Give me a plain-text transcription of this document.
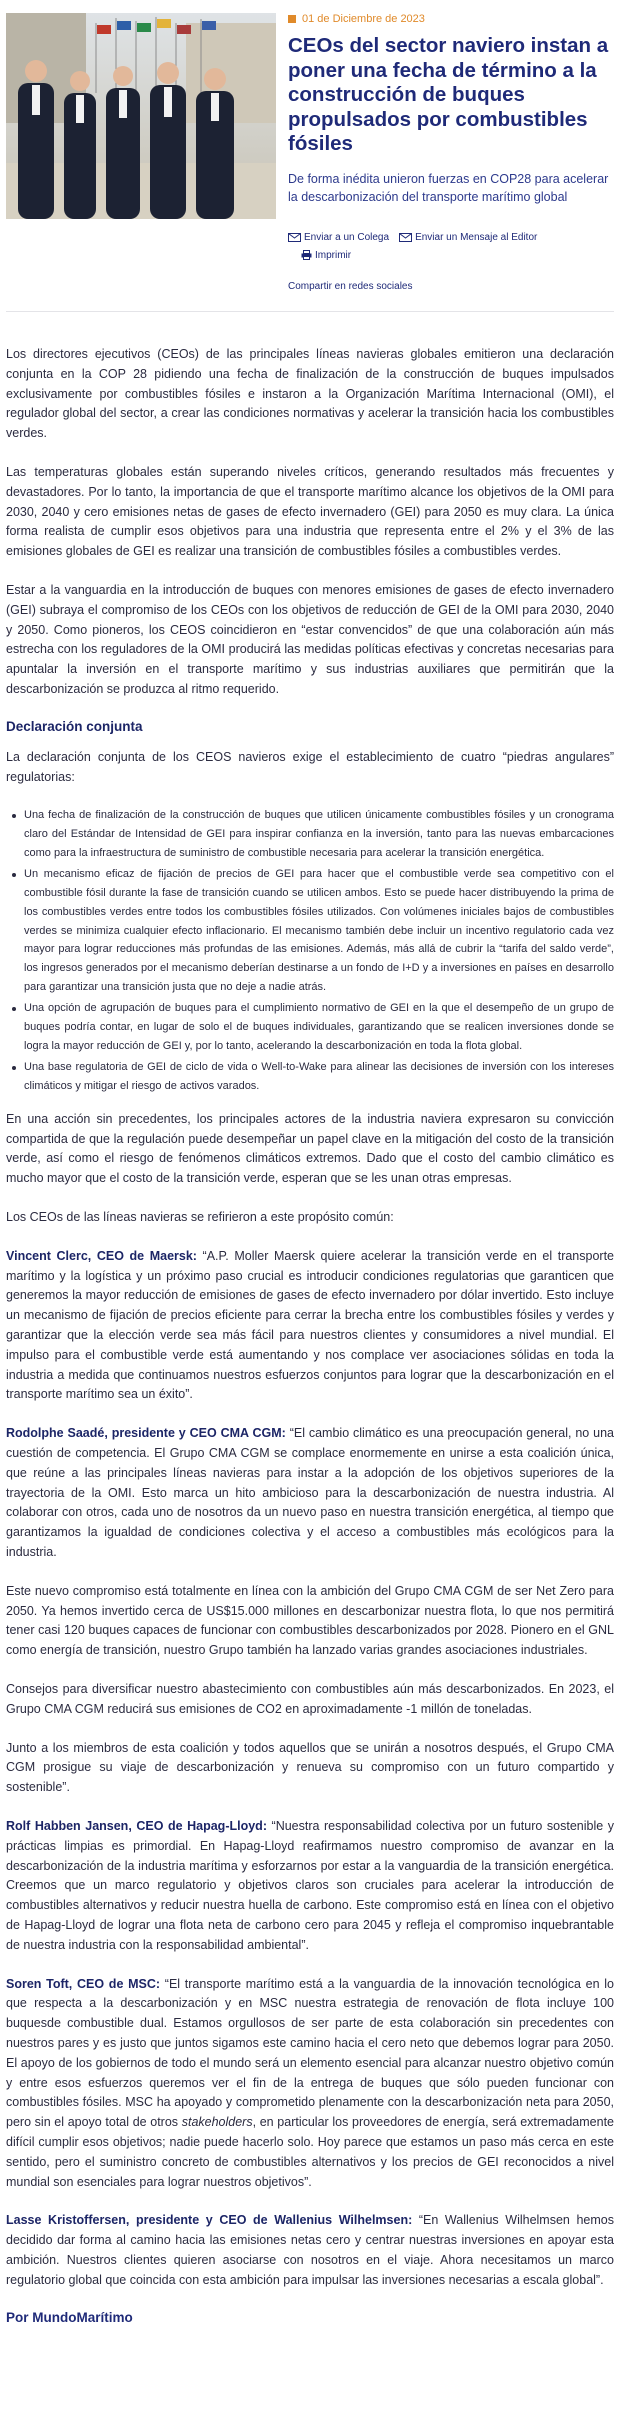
01 de Diciembre de 2023
CEOs del sector naviero instan a poner una fecha de término a la construcción de buques propulsados por combustibles fósiles
De forma inédita unieron fuerzas en COP28 para acelerar la descarbonización del transporte marítimo global
Enviar a un Colega	Enviar un Mensaje al Editor
Imprimir
Compartir en redes sociales

Los directores ejecutivos (CEOs) de las principales líneas navieras globales emitieron una declaración conjunta en la COP 28 pidiendo una fecha de finalización de la construcción de buques impulsados exclusivamente por combustibles fósiles e instaron a la Organización Marítima Internacional (OMI), el regulador global del sector, a crear las condiciones normativas y acelerar la transición hacia los combustibles verdes.

Las temperaturas globales están superando niveles críticos, generando resultados más frecuentes y devastadores. Por lo tanto, la importancia de que el transporte marítimo alcance los objetivos de la OMI para 2030, 2040 y cero emisiones netas de gases de efecto invernadero (GEI) para 2050 es muy clara. La única forma realista de cumplir esos objetivos para una industria que representa entre el 2% y el 3% de las emisiones globales de GEI es realizar una transición de combustibles fósiles a combustibles verdes.

Estar a la vanguardia en la introducción de buques con menores emisiones de gases de efecto invernadero (GEI) subraya el compromiso de los CEOs con los objetivos de reducción de GEI de la OMI para 2030, 2040 y 2050. Como pioneros, los CEOS coincidieron en “estar convencidos” de que una colaboración aún más estrecha con los reguladores de la OMI producirá las medidas políticas efectivas y concretas necesarias para apuntalar la inversión en el transporte marítimo y sus industrias auxiliares que permitirán que la descarbonización se produzca al ritmo requerido.

Declaración conjunta

La declaración conjunta de los CEOS navieros exige el establecimiento de cuatro “piedras angulares” regulatorias:

Una fecha de finalización de la construcción de buques que utilicen únicamente combustibles fósiles y un cronograma claro del Estándar de Intensidad de GEI para inspirar confianza en la inversión, tanto para las nuevas embarcaciones como para la infraestructura de suministro de combustible necesaria para acelerar la transición energética.
Un mecanismo eficaz de fijación de precios de GEI para hacer que el combustible verde sea competitivo con el combustible fósil durante la fase de transición cuando se utilicen ambos. Esto se puede hacer distribuyendo la prima de los combustibles verdes entre todos los combustibles fósiles utilizados. Con volúmenes iniciales bajos de combustibles verdes se minimiza cualquier efecto inflacionario. El mecanismo también debe incluir un incentivo regulatorio cada vez mayor para lograr reducciones más profundas de las emisiones. Además, más allá de cubrir la “tarifa del saldo verde”, los ingresos generados por el mecanismo deberían destinarse a un fondo de I+D y a inversiones en países en desarrollo para garantizar una transición justa que no deje a nadie atrás.
Una opción de agrupación de buques para el cumplimiento normativo de GEI en la que el desempeño de un grupo de buques podría contar, en lugar de solo el de buques individuales, garantizando que se realicen inversiones donde se logra la mayor reducción de GEI y, por lo tanto, acelerando la descarbonización en toda la flota global.
Una base regulatoria de GEI de ciclo de vida o Well-to-Wake para alinear las decisiones de inversión con los intereses climáticos y mitigar el riesgo de activos varados.

En una acción sin precedentes, los principales actores de la industria naviera expresaron su convicción compartida de que la regulación puede desempeñar un papel clave en la mitigación del costo de la transición verde, así como el riesgo de fenómenos climáticos extremos. Dado que el costo del cambio climático es mucho mayor que el costo de la transición verde, esperan que se les unan otras empresas.

Los CEOs de las líneas navieras se refirieron a este propósito común:

Vincent Clerc, CEO de Maersk: “A.P. Moller Maersk quiere acelerar la transición verde en el transporte marítimo y la logística y un próximo paso crucial es introducir condiciones regulatorias que garanticen que generemos la mayor reducción de emisiones de gases de efecto invernadero por dólar invertido. Esto incluye un mecanismo de fijación de precios eficiente para cerrar la brecha entre los combustibles fósiles y verdes y garantizar que la elección verde sea más fácil para nuestros clientes y consumidores a nivel mundial. El impulso para el combustible verde está aumentando y nos complace ver asociaciones sólidas en toda la industria a medida que continuamos nuestros esfuerzos conjuntos para lograr que la descarbonización en el transporte marítimo sea un éxito”.

Rodolphe Saadé, presidente y CEO CMA CGM: “El cambio climático es una preocupación general, no una cuestión de competencia. El Grupo CMA CGM se complace enormemente en unirse a esta coalición única, que reúne a las principales líneas navieras para instar a la adopción de los objetivos superiores de la trayectoria de la OMI. Esto marca un hito ambicioso para la descarbonización de nuestra industria. Al colaborar con otros, cada uno de nosotros da un nuevo paso en nuestra transición energética, al tiempo que garantizamos la igualdad de condiciones colectiva y el acceso a combustibles más ecológicos para la industria.

Este nuevo compromiso está totalmente en línea con la ambición del Grupo CMA CGM de ser Net Zero para 2050. Ya hemos invertido cerca de US$15.000 millones en descarbonizar nuestra flota, lo que nos permitirá tener casi 120 buques capaces de funcionar con combustibles descarbonizados por 2028. Pionero en el GNL como energía de transición, nuestro Grupo también ha lanzado varias grandes asociaciones industriales.

Consejos para diversificar nuestro abastecimiento con combustibles aún más descarbonizados. En 2023, el Grupo CMA CGM reducirá sus emisiones de CO2 en aproximadamente -1 millón de toneladas.

Junto a los miembros de esta coalición y todos aquellos que se unirán a nosotros después, el Grupo CMA CGM prosigue su viaje de descarbonización y renueva su compromiso con un futuro compartido y sostenible”.

Rolf Habben Jansen, CEO de Hapag-Lloyd: “Nuestra responsabilidad colectiva por un futuro sostenible y prácticas limpias es primordial. En Hapag-Lloyd reafirmamos nuestro compromiso de avanzar en la descarbonización de la industria marítima y esforzarnos por estar a la vanguardia de la transición energética. Creemos que un marco regulatorio y objetivos claros son cruciales para acelerar la introducción de combustibles alternativos y reducir nuestra huella de carbono. Este compromiso está en línea con el objetivo de Hapag-Lloyd de lograr una flota neta de carbono cero para 2045 y refleja el compromiso inquebrantable de nuestra industria con la responsabilidad ambiental”.

Soren Toft, CEO de MSC: “El transporte marítimo está a la vanguardia de la innovación tecnológica en lo que respecta a la descarbonización y en MSC nuestra estrategia de renovación de flota incluye 100 buquesde combustible dual. Estamos orgullosos de ser parte de esta colaboración sin precedentes con nuestros pares y es justo que juntos sigamos este camino hacia el cero neto que debemos lograr para 2050. El apoyo de los gobiernos de todo el mundo será un elemento esencial para alcanzar nuestro objetivo común y entre esos esfuerzos queremos ver el fin de la entrega de buques que sólo pueden funcionar con combustibles fósiles. MSC ha apoyado y comprometido plenamente con la descarbonización neta para 2050, pero sin el apoyo total de otros stakeholders, en particular los proveedores de energía, será extremadamente difícil cumplir esos objetivos; nadie puede hacerlo solo. Hoy parece que estamos un paso más cerca en este sentido, pero el suministro concreto de combustibles alternativos y los precios de GEI reconocidos a nivel mundial son esenciales para lograr nuestros objetivos”.

Lasse Kristoffersen, presidente y CEO de Wallenius Wilhelmsen: “En Wallenius Wilhelmsen hemos decidido dar forma al camino hacia las emisiones netas cero y centrar nuestras inversiones en apoyar esta ambición. Nuestros clientes quieren asociarse con nosotros en el viaje. Ahora necesitamos un marco regulatorio global que coincida con esta ambición para impulsar las inversiones necesarias a escala global”.

Por MundoMarítimo
